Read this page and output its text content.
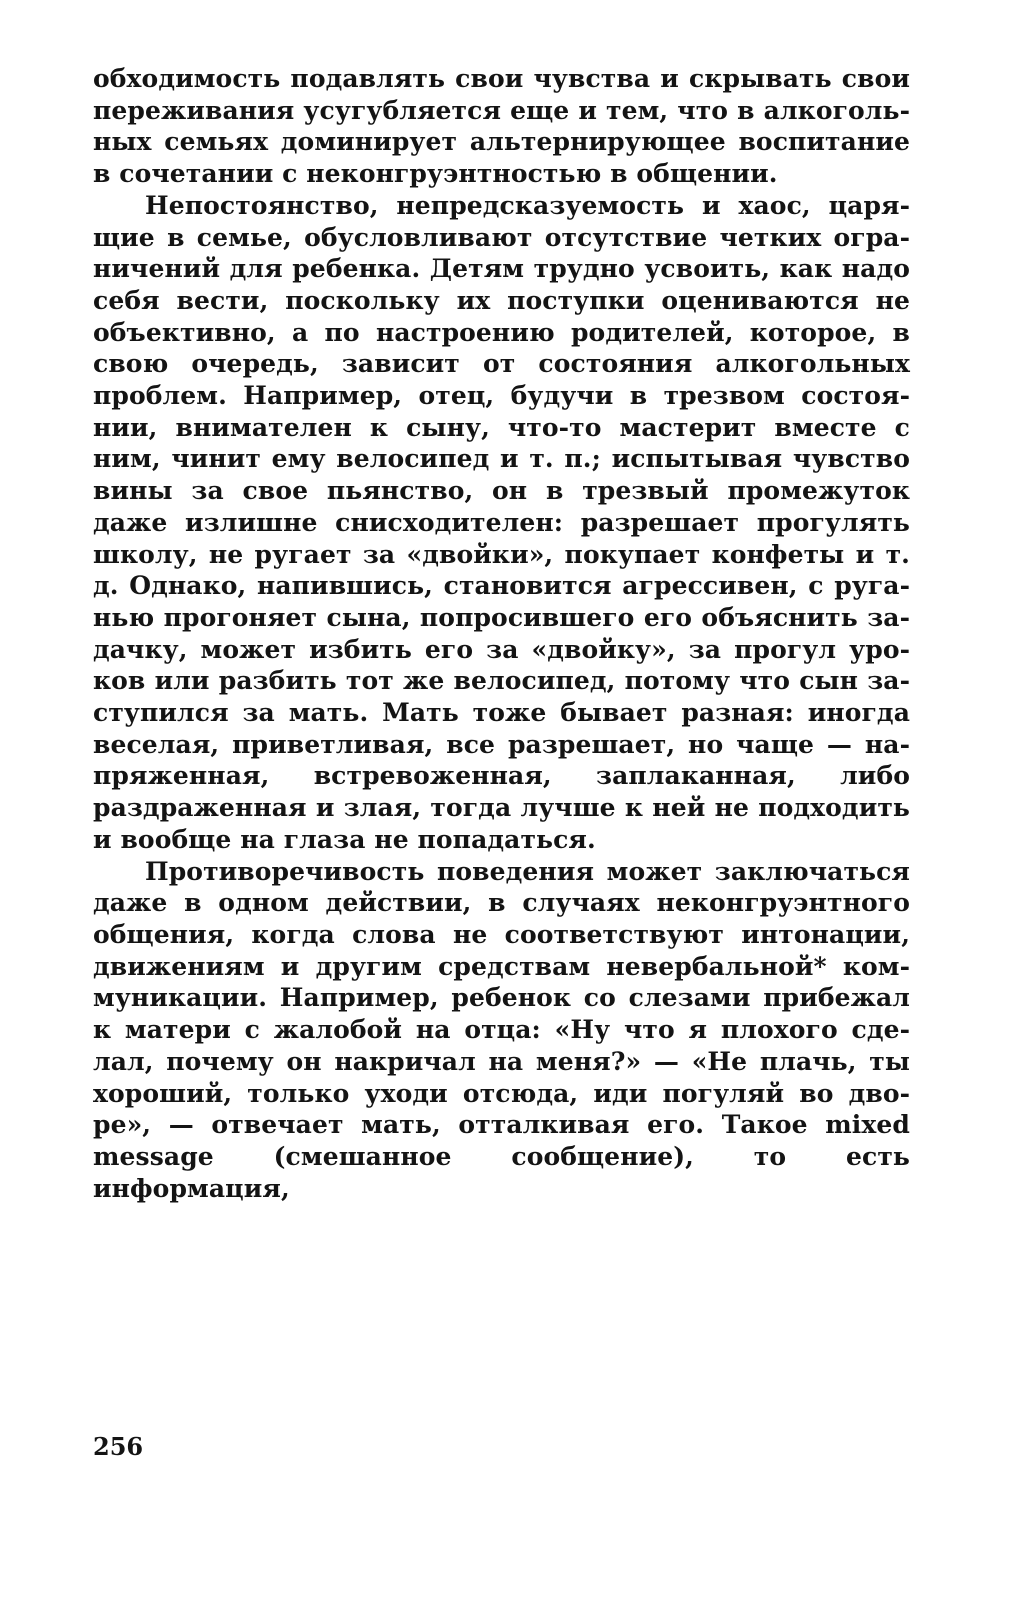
обходимость подавлять свои чувства и скрывать свои переживания усугубляется еще и тем, что в алкогольных семьях доминирует альтернирующее воспитание в сочетании с неконгруэнтностью в общении.

Непостоянство, непредсказуемость и хаос, царящие в семье, обусловливают отсутствие четких ограничений для ребенка. Детям трудно усвоить, как надо себя вести, поскольку их поступки оцениваются не объективно, а по настроению родителей, которое, в свою очередь, зависит от состояния алкогольных проблем. Например, отец, будучи в трезвом состоянии, внимателен к сыну, что-то мастерит вместе с ним, чинит ему велосипед и т. п.; испытывая чувство вины за свое пьянство, он в трезвый промежуток даже излишне снисходителен: разрешает прогулять школу, не ругает за «двойки», покупает конфеты и т. д. Однако, напившись, становится агрессивен, с руганью прогоняет сына, попросившего его объяснить задачку, может избить его за «двойку», за прогул уроков или разбить тот же велосипед, потому что сын заступился за мать. Мать тоже бывает разная: иногда веселая, приветливая, все разрешает, но чаще — напряженная, встревоженная, заплаканная, либо раздраженная и злая, тогда лучше к ней не подходить и вообще на глаза не попадаться.

Противоречивость поведения может заключаться даже в одном действии, в случаях неконгруэнтного общения, когда слова не соответствуют интонации, движениям и другим средствам невербальной* коммуникации. Например, ребенок со слезами прибежал к матери с жалобой на отца: «Ну что я плохого сделал, почему он накричал на меня?» — «Не плачь, ты хороший, только уходи отсюда, иди погуляй во дворе», — отвечает мать, отталкивая его. Такое mixed message (смешанное сообщение), то есть информация,

256
